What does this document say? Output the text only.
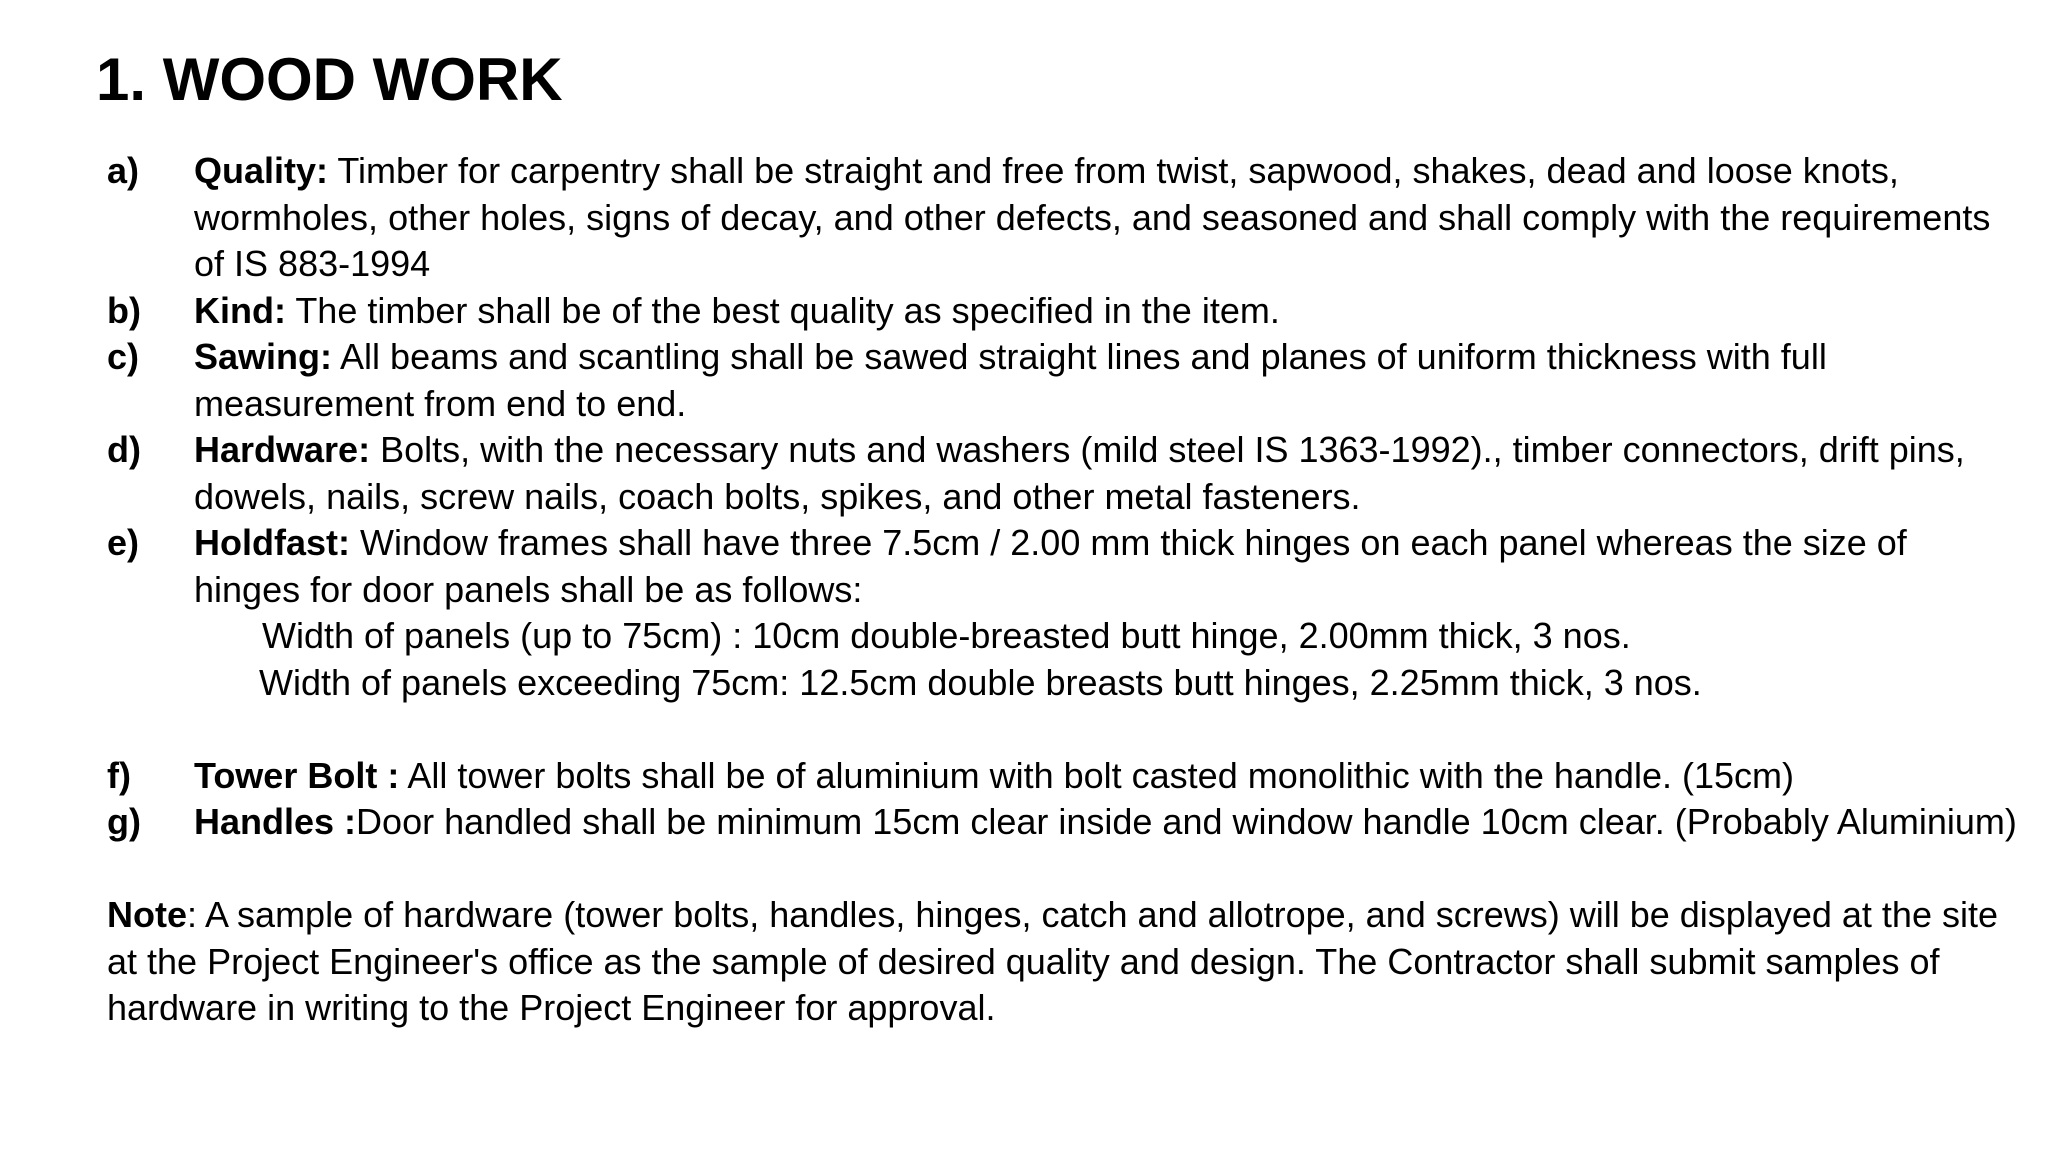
1. WOOD WORK
a)	Quality: Timber for carpentry shall be straight and free from twist, sapwood, shakes, dead and loose knots, wormholes, other holes, signs of decay, and other defects, and seasoned and shall comply with the requirements of IS 883-1994
b)	Kind: The timber shall be of the best quality as specified in the item.
c)	Sawing: All beams and scantling shall be sawed straight lines and planes of uniform thickness with full measurement from end to end.
d)	Hardware: Bolts, with the necessary nuts and washers (mild steel IS 1363-1992)., timber connectors, drift pins, dowels, nails, screw nails, coach bolts, spikes, and other metal fasteners.
e)	Holdfast: Window frames shall have three 7.5cm / 2.00 mm thick hinges on each panel whereas the size of hinges for door panels shall be as follows:
Width of panels (up to 75cm) : 10cm double-breasted butt hinge, 2.00mm thick, 3 nos.
Width of panels exceeding 75cm: 12.5cm double breasts butt hinges, 2.25mm thick, 3 nos.
f)	Tower Bolt : All tower bolts shall be of aluminium with bolt casted monolithic with the handle. (15cm)
g)	Handles :Door handled shall be minimum 15cm clear inside and window handle 10cm clear. (Probably Aluminium)
Note: A sample of hardware (tower bolts, handles, hinges, catch and allotrope, and screws) will be displayed at the site at the Project Engineer's office as the sample of desired quality and design. The Contractor shall submit samples of hardware in writing to the Project Engineer for approval.
